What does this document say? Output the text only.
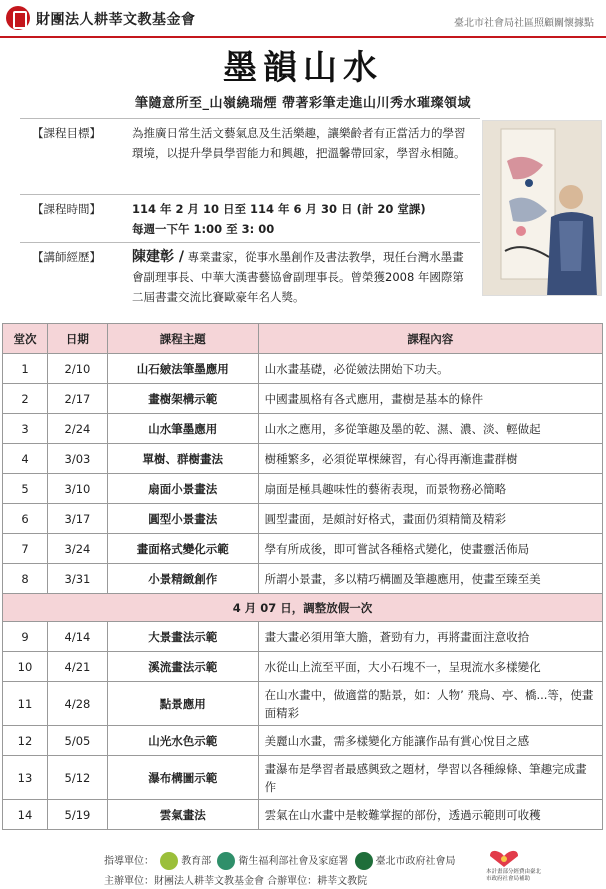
財團法人耕莘文教基金會	臺北市社會局社區照顧關懷據點
墨韻山水
筆隨意所至_山嶺繞瑞煙 帶著彩筆走進山川秀水璀璨領域
【課程目標】	為推廣日常生活文藝氣息及生活樂趣，讓樂齡者有正當活力的學習環境，以提升學員學習能力和興趣，把溫馨帶回家，學習永相隨。
【課程時間】	114 年 2 月 10 日至 114 年 6 月 30 日 (計 20 堂課)
每週一下午 1:00 至 3: 00
【講師經歷】 陳建彰 / 專業畫家，從事水墨創作及書法教學，現任台灣水墨畫會副理事長、中華大漢書藝協會副理事長。曾榮獲2008 年國際第二屆書畫交流比賽歐豪年名人獎。
堂次	日期	課程主題	課程內容
1	2/10	山石皴法筆墨應用	山水畫基礎，必從皴法開始下功夫。
2	2/17	畫樹架構示範	中國畫風格有各式應用，畫樹是基本的條件
3	2/24	山水筆墨應用	山水之應用，多從筆趣及墨的乾、濕、濃、淡、輕做起
4	3/03	單樹、群樹畫法	樹種繁多，必須從單棵練習，有心得再漸進畫群樹
5	3/10	扇面小景畫法	扇面是極具趣味性的藝術表現，而景物務必簡略
6	3/17	圓型小景畫法	圓型畫面，是頗討好格式，畫面仍須精簡及精彩
7	3/24	畫面格式變化示範	學有所成後，即可嘗試各種格式變化，使畫靈活佈局
8	3/31	小景精緻創作	所謂小景畫，多以精巧構圖及筆趣應用，使畫至臻至美
4 月 07 日，調整放假一次			
9	4/14	大景畫法示範	畫大畫必須用筆大膽，蒼勁有力，再將畫面注意收拾
10	4/21	溪流畫法示範	水從山上流至平面，大小石塊不一，呈現流水多樣變化
11	4/28	點景應用	在山水畫中，做適當的點景，如：人物’ 飛鳥、亭、橋...等，使畫面精彩
12	5/05	山光水色示範	美麗山水畫，需多樣變化方能讓作品有賞心悅目之感
13	5/12	瀑布構圖示範	畫瀑布是學習者最感興致之題材，學習以各種線條、筆趣完成畫作
14	5/19	雲氣畫法	雲氣在山水畫中是較難掌握的部份，透過示範則可收穫
指導單位：	教育部	衛生福利部社會及家庭署	臺北市政府社會局
主辦單位：財團法人耕莘文教基金會 合辦單位：耕莘文教院
本計畫部分經費由臺北市政府社會局補助
